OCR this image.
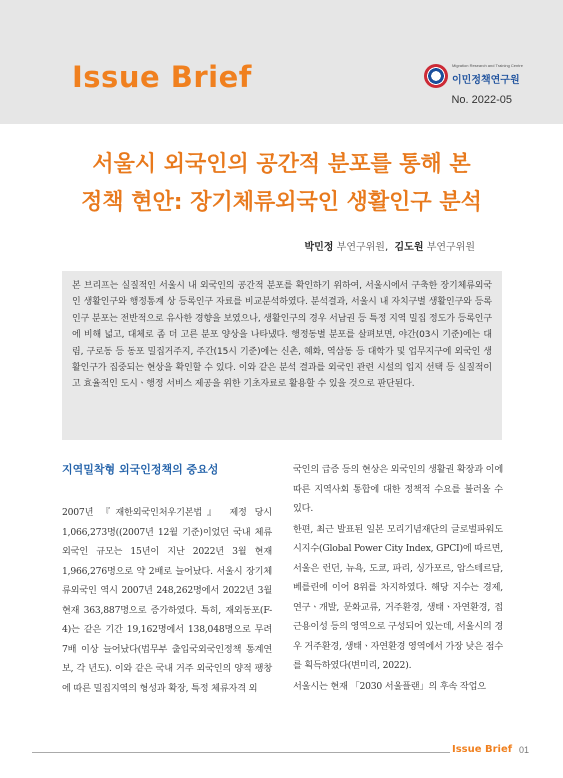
Issue Brief	Migration Research and Training Centre
이민정책연구원
No. 2022-05
서울시 외국인의 공간적 분포를 통해 본
정책 현안: 장기체류외국인 생활인구 분석
박민정 부연구위원,  김도원 부연구위원

본 브리프는 실질적인 서울시 내 외국인의 공간적 분포를 확인하기 위하여, 서울시에서 구축한 장기체류외국인 생활인구와 행정통계 상 등록인구 자료를 비교분석하였다. 분석결과, 서울시 내 자치구별 생활인구와 등록인구 분포는 전반적으로 유사한 경향을 보였으나, 생활인구의 경우 서남권 등 특정 지역 밀집 정도가 등록인구에 비해 넓고, 대체로 좀 더 고른 분포 양상을 나타냈다. 행정동별 분포를 살펴보면, 야간(03시 기준)에는 대림, 구로동 등 동포 밀집거주지, 주간(15시 기준)에는 신촌, 혜화, 역삼동 등 대학가 및 업무지구에 외국인 생활인구가 집중되는 현상을 확인할 수 있다. 이와 같은 분석 결과를 외국인 관련 시설의 입지 선택 등 실질적이고 효율적인 도시ㆍ행정 서비스 제공을 위한 기초자료로 활용할 수 있을 것으로 판단된다.

지역밀착형 외국인정책의 중요성

2007년 『재한외국인처우기본법』 제정 당시 1,066,273명((2007년 12월 기준)이었던 국내 체류외국인 규모는 15년이 지난 2022년 3월 현재 1,966,276명으로 약 2배로 늘어났다. 서울시 장기체류외국인 역시 2007년 248,262명에서 2022년 3월 현재 363,887명으로 증가하였다. 특히, 재외동포(F-4)는 같은 기간 19,162명에서 138,048명으로 무려 7배 이상 늘어났다(법무부 출입국외국인정책 통계연보, 각 년도). 이와 같은 국내 거주 외국인의 양적 팽창에 따른 밀집지역의 형성과 확장, 특정 체류자격 외

국인의 급증 등의 현상은 외국인의 생활권 확장과 이에 따른 지역사회 통합에 대한 정책적 수요를 불러올 수 있다.

한편, 최근 발표된 일본 모리기념재단의 글로벌파워도시지수(Global Power City Index, GPCI)에 따르면, 서울은 런던, 뉴욕, 도쿄, 파리, 싱가포르, 암스테르담, 베를린에 이어 8위를 차지하였다. 해당 지수는 경제, 연구ㆍ개발, 문화교류, 거주환경, 생태ㆍ자연환경, 접근용이성 등의 영역으로 구성되어 있는데, 서울시의 경우 거주환경, 생태ㆍ자연환경 영역에서 가장 낮은 점수를 획득하였다(변미리, 2022).

서울시는 현재 「2030 서울플랜」의 후속 작업으

Issue Brief 01
